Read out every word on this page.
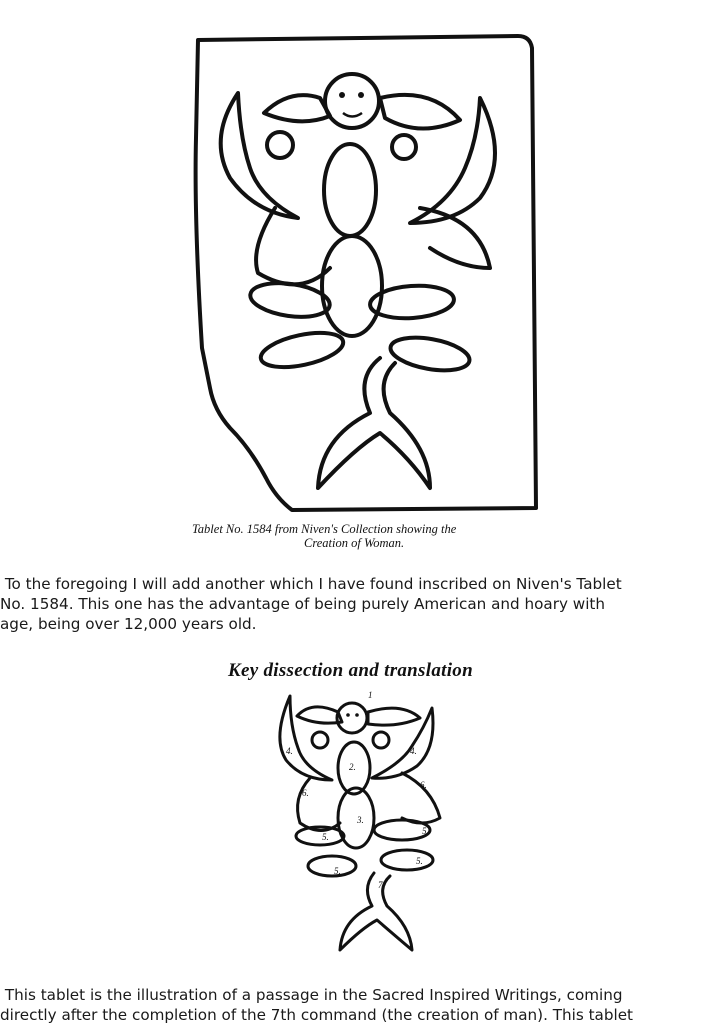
Tablet No. 1584 from Niven's Collection showing the
Creation of Woman.
To the foregoing I will add another which I have found inscribed on Niven's Tablet
No. 1584. This one has the advantage of being purely American and hoary with
age, being over 12,000 years old.
Key dissection and translation
1
2.
3.
4.	4.
5.
5.
5.
5.
6.
6.
7.
This tablet is the illustration of a passage in the Sacred Inspired Writings, coming
directly after the completion of the 7th command (the creation of man). This tablet
